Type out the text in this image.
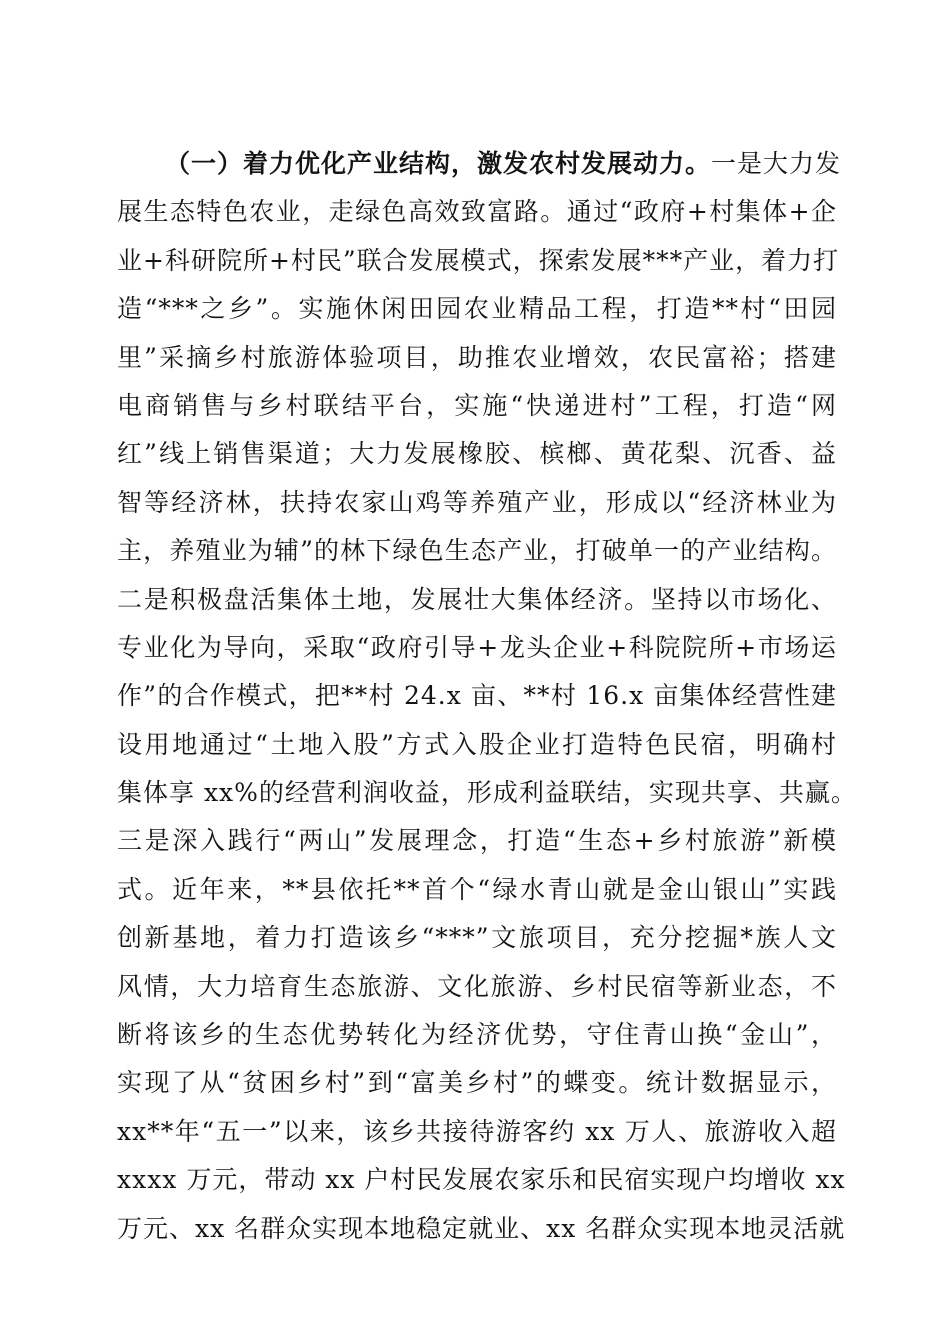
（一）着力优化产业结构，激发农村发展动力。一是大力发
展生态特色农业，走绿色高效致富路。通过“政府+村集体+企
业+科研院所+村民”联合发展模式，探索发展***产业，着力打
造“***之乡”。实施休闲田园农业精品工程，打造**村“田园
里”采摘乡村旅游体验项目，助推农业增效，农民富裕；搭建
电商销售与乡村联结平台，实施“快递进村”工程，打造“网
红”线上销售渠道；大力发展橡胶、槟榔、黄花梨、沉香、益
智等经济林，扶持农家山鸡等养殖产业，形成以“经济林业为
主，养殖业为辅”的林下绿色生态产业，打破单一的产业结构。
二是积极盘活集体土地，发展壮大集体经济。坚持以市场化、
专业化为导向，采取“政府引导+龙头企业+科院院所+市场运
作”的合作模式，把**村 24.x 亩、**村 16.x 亩集体经营性建
设用地通过“土地入股”方式入股企业打造特色民宿，明确村
集体享 xx%的经营利润收益，形成利益联结，实现共享、共赢。
三是深入践行“两山”发展理念，打造“生态+乡村旅游”新模
式。近年来，**县依托**首个“绿水青山就是金山银山”实践
创新基地，着力打造该乡“***”文旅项目，充分挖掘*族人文
风情，大力培育生态旅游、文化旅游、乡村民宿等新业态，不
断将该乡的生态优势转化为经济优势，守住青山换“金山”，
实现了从“贫困乡村”到“富美乡村”的蝶变。统计数据显示，
xx**年“五一”以来，该乡共接待游客约 xx 万人、旅游收入超
xxxx 万元，带动 xx 户村民发展农家乐和民宿实现户均增收 xx
万元、xx 名群众实现本地稳定就业、xx 名群众实现本地灵活就
